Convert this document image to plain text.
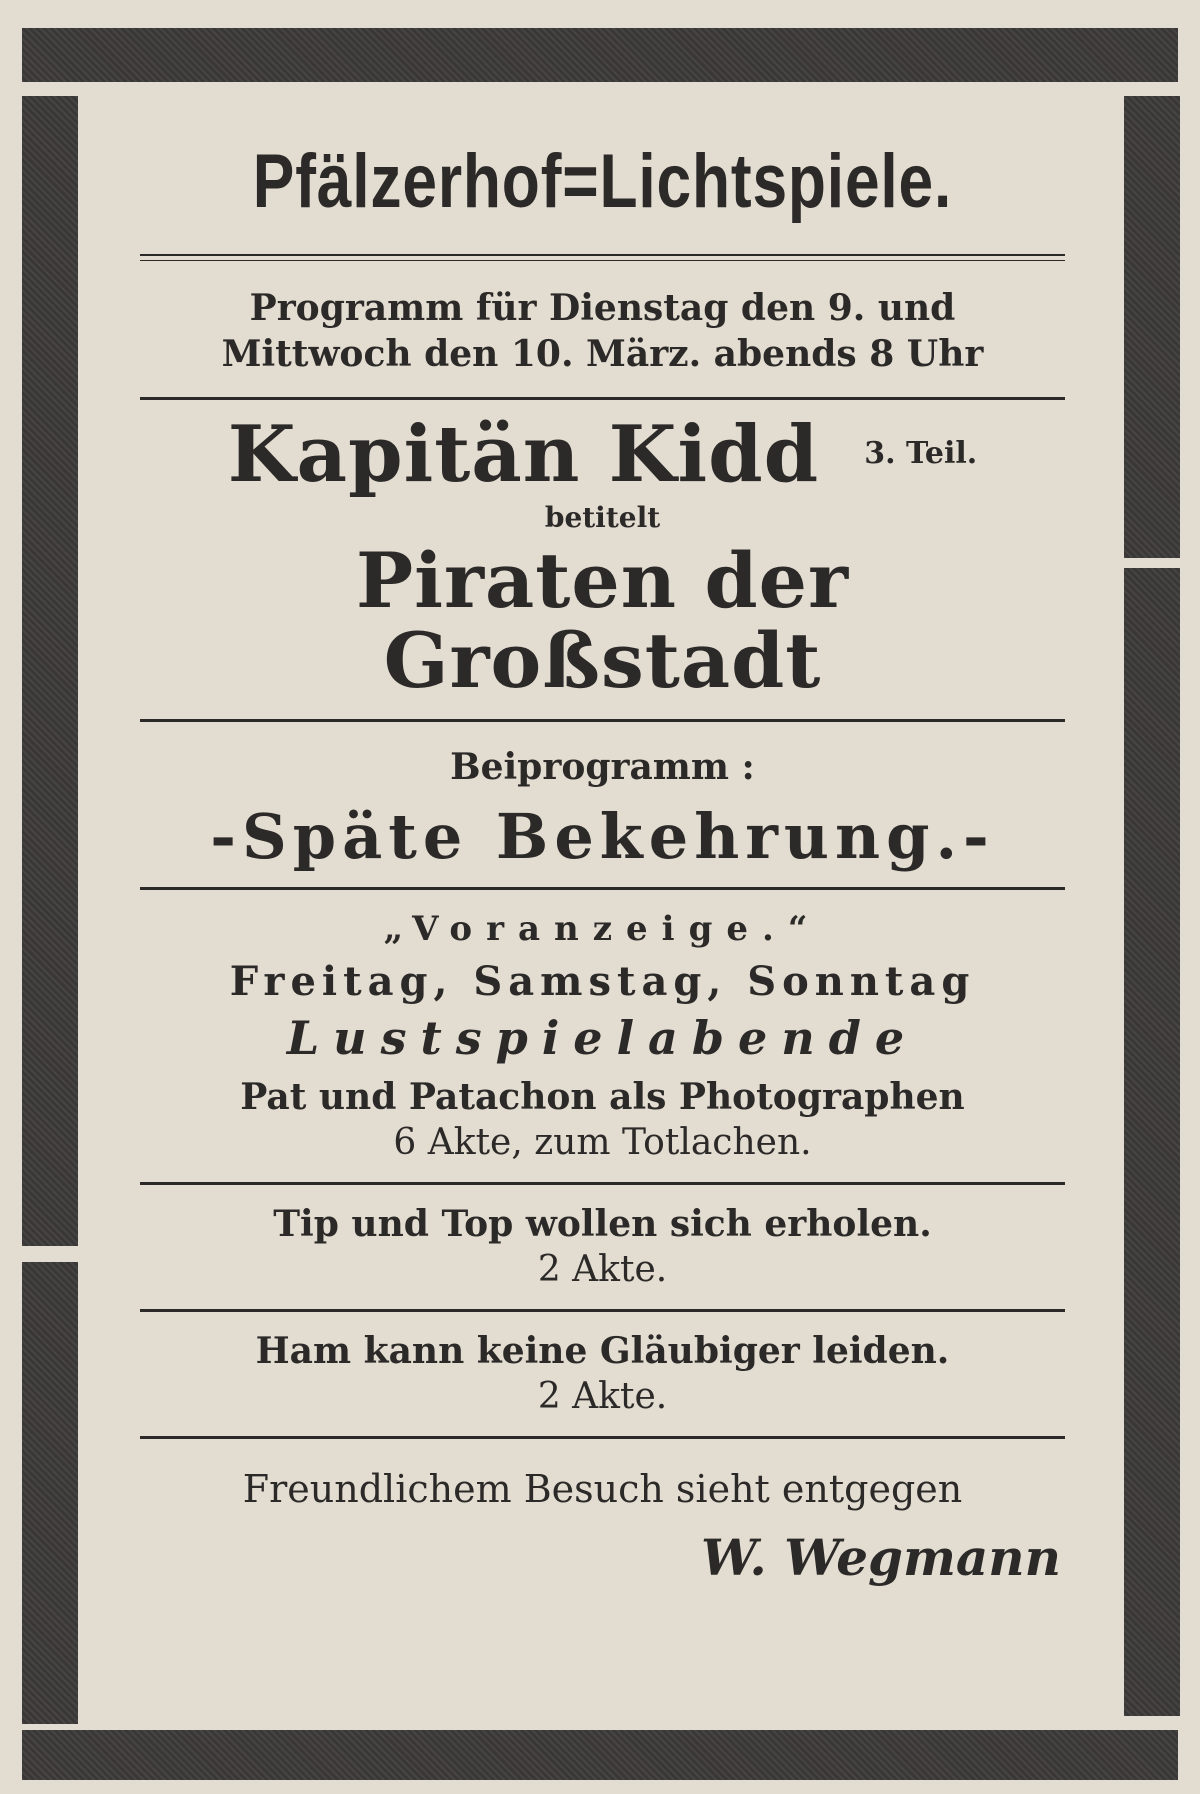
Pfälzerhof=Lichtspiele.

Programm für Dienstag den 9. und

Mittwoch den 10. März. abends 8 Uhr

Kapitän Kidd 3. Teil.

betitelt

Piraten der Großstadt

Beiprogramm :

-Späte Bekehrung.-

„Voranzeige.“

Freitag, Samstag, Sonntag

Lustspielabende

Pat und Patachon als Photographen

6 Akte, zum Totlachen.

Tip und Top wollen sich erholen.

2 Akte.

Ham kann keine Gläubiger leiden.

2 Akte.

Freundlichem Besuch sieht entgegen

W. Wegmann
